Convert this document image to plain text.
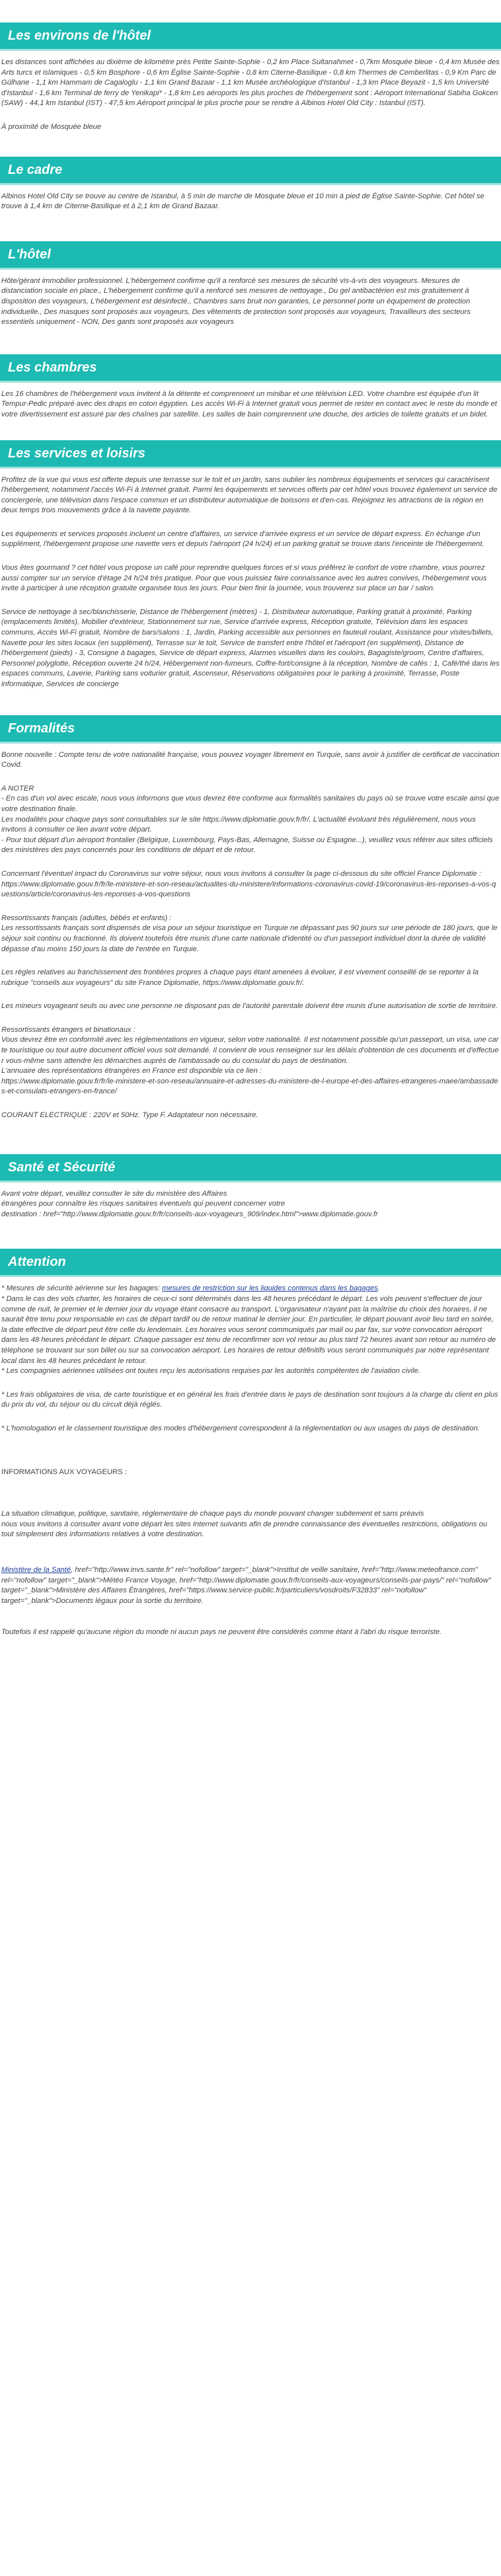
Les environs de l'hôtel

Les distances sont affichées au dixième de kilomètre près Petite Sainte-Sophie - 0,2 km Place Sultanahmet - 0,7km Mosquée bleue - 0,4 km Musée des Arts turcs et islamiques - 0,5 km Bosphore - 0,6 km Église Sainte-Sophie - 0,8 km Citerne-Basilique - 0,8 km Thermes de Cemberlitas - 0,9 Km Parc de Gülhane - 1,1 km Hammam de Cagaloglu - 1,1 km Grand Bazaar - 1,1 km Musée archéologique d'Istanbul - 1,3 km Place Beyazit - 1,5 km Université d'Istanbul - 1,6 km Terminal de ferry de Yenikapi* - 1,8 km Les aéroports les plus proches de l'hébergement sont : Aéroport International Sabiha Gokcen (SAW) - 44,1 km Istanbul (IST) - 47,5 km Aéroport principal le plus proche pour se rendre à Albinos Hotel Old City : Istanbul (IST).

À proximité de Mosquée bleue

Le cadre

Albinos Hotel Old City se trouve au centre de Istanbul, à 5 min de marche de Mosquée bleue et 10 min à pied de Église Sainte-Sophie. Cet hôtel se trouve à 1,4 km de Citerne-Basilique et à 2,1 km de Grand Bazaar.

L'hôtel

Hôte/gérant immobilier professionnel. L'hébergement confirme qu'il a renforcé ses mesures de sécurité vis-à-vis des voyageurs. Mesures de distanciation sociale en place., L'hébergement confirme qu'il a renforcé ses mesures de nettoyage., Du gel antibactérien est mis gratuitement à disposition des voyageurs, L'hébergement est désinfecté., Chambres sans bruit non garanties, Le personnel porte un équipement de protection individuelle., Des masques sont proposés aux voyageurs, Des vêtements de protection sont proposés aux voyageurs, Travailleurs des secteurs essentiels uniquement - NON, Des gants sont proposés aux voyageurs

Les chambres

Les 16 chambres de l'hébergement vous invitent à la détente et comprennent un minibar et une télévision LED. Votre chambre est équipée d'un lit Tempur-Pedic préparé avec des draps en coton égyptien. Les accès Wi-Fi à Internet gratuit vous permet de rester en contact avec le reste du monde et votre divertissement est assuré par des chaînes par satellite. Les salles de bain comprennent une douche, des articles de toilette gratuits et un bidet.

Les services et loisirs

Profitez de la vue qui vous est offerte depuis une terrasse sur le toit et un jardin, sans oublier les nombreux équipements et services qui caractérisent l'hébergement, notamment l'accès Wi-Fi à Internet gratuit. Parmi les équipements et services offerts par cet hôtel vous trouvez également un service de conciergerie, une télévision dans l'espace commun et un distributeur automatique de boissons et d'en-cas. Rejoignez les attractions de la région en deux temps trois mouvements grâce à la navette payante.

Les équipements et services proposés incluent un centre d'affaires, un service d'arrivée express et un service de départ express. En échange d'un supplément, l'hébergement propose une navette vers et depuis l'aéroport (24 h/24) et un parking gratuit se trouve dans l'enceinte de l'hébergement.

Vous êtes gourmand ? cet hôtel vous propose un café pour reprendre quelques forces et si vous préférez le confort de votre chambre, vous pourrez aussi compter sur un service d'étage 24 h/24 très pratique. Pour que vous puissiez faire connaissance avec les autres convives, l'hébergement vous invite à participer à une réception gratuite organisée tous les jours. Pour bien finir la journée, vous trouverez sur place un bar / salon.

Service de nettoyage à sec/blanchisserie, Distance de l'hébergement (mètres) - 1, Distributeur automatique, Parking gratuit à proximité, Parking (emplacements limités), Mobilier d'extérieur, Stationnement sur rue, Service d'arrivée express, Réception gratuite, Télévision dans les espaces communs, Accès Wi-Fi gratuit, Nombre de bars/salons : 1, Jardin, Parking accessible aux personnes en fauteuil roulant, Assistance pour visites/billets, Navette pour les sites locaux (en supplément), Terrasse sur le toit, Service de transfert entre l'hôtel et l'aéroport (en supplément), Distance de l'hébergement (pieds) - 3, Consigne à bagages, Service de départ express, Alarmes visuelles dans les couloirs, Bagagiste/groom, Centre d'affaires, Personnel polyglotte, Réception ouverte 24 h/24, Hébergement non-fumeurs, Coffre-fort/consigne à la réception, Nombre de cafés : 1, Café/thé dans les espaces communs, Laverie, Parking sans voiturier gratuit, Ascenseur, Réservations obligatoires pour le parking à proximité, Terrasse, Poste informatique, Services de concierge

Formalités

Bonne nouvelle : Compte tenu de votre nationalité française, vous pouvez voyager librement en Turquie, sans avoir à justifier de certificat de vaccination Covid.

A NOTER
- En cas d'un vol avec escale, nous vous informons que vous devrez être conforme aux formalités sanitaires du pays où se trouve votre escale ainsi que votre destination finale.
Les modalités pour chaque pays sont consultables sur le site https://www.diplomatie.gouv.fr/fr/. L'actualité évoluant très régulièrement, nous vous invitons à consulter ce lien avant votre départ.
- Pour tout départ d'un aéroport frontalier (Belgique, Luxembourg, Pays-Bas, Allemagne, Suisse ou Espagne...), veuillez vous référer aux sites officiels des ministères des pays concernés pour les conditions de départ et de retour.

Concernant l'éventuel impact du Coronavirus sur votre séjour, nous vous invitons à consulter la page ci-dessous du site officiel France Diplomatie :
https://www.diplomatie.gouv.fr/fr/le-ministere-et-son-reseau/actualites-du-ministere/informations-coronavirus-covid-19/coronavirus-les-reponses-a-vos-questions/article/coronavirus-les-reponses-a-vos-questions

Ressortissants français (adultes, bébés et enfants) :
Les ressortissants français sont dispensés de visa pour un séjour touristique en Turquie ne dépassant pas 90 jours sur une période de 180 jours, que le séjour soit continu ou fractionné. Ils doivent toutefois être munis d'une carte nationale d'identité ou d'un passeport individuel dont la durée de validité dépasse d'au moins 150 jours la date de l'entrée en Turquie.

Les règles relatives au franchissement des frontières propres à chaque pays étant amenées à évoluer, il est vivement conseillé de se reporter à la rubrique "conseils aux voyageurs" du site France Diplomatie, https://www.diplomatie.gouv.fr/.

Les mineurs voyageant seuls ou avec une personne ne disposant pas de l'autorité parentale doivent être munis d'une autorisation de sortie de territoire.

Ressortissants étrangers et binationaux :
Vous devrez être en conformité avec les réglementations en vigueur, selon votre nationalité. Il est notamment possible qu'un passeport, un visa, une carte touristique ou tout autre document officiel vous soit demandé. Il convient de vous renseigner sur les délais d'obtention de ces documents et d'effectuer vous-même sans attendre les démarches auprès de l'ambassade ou du consulat du pays de destination.
L'annuaire des représentations étrangères en France est disponible via ce lien :
https://www.diplomatie.gouv.fr/fr/le-ministere-et-son-reseau/annuaire-et-adresses-du-ministere-de-l-europe-et-des-affaires-etrangeres-maee/ambassades-et-consulats-etrangers-en-france/

COURANT ELECTRIQUE : 220V et 50Hz. Type F. Adaptateur non nécessaire.

Santé et Sécurité

Avant votre départ, veuillez consulter le site du ministère des Affaires
étrangères pour connaître les risques sanitaires éventuels qui peuvent concerner votre
destination : href="http://www.diplomatie.gouv.fr/fr/conseils-aux-voyageurs_909/index.html">www.diplomatie.gouv.fr

Attention

* Mesures de sécurité aérienne sur les bagages: mesures de restriction sur les liquides contenus dans les bagages.
* Dans le cas des vols charter, les horaires de ceux-ci sont déterminés dans les 48 heures précédant le départ. Les vols peuvent s'effectuer de jour comme de nuit, le premier et le dernier jour du voyage étant consacré au transport. L'organisateur n'ayant pas la maîtrise du choix des horaires, il ne saurait être tenu pour responsable en cas de départ tardif ou de retour matinal le dernier jour. En particulier, le départ pouvant avoir lieu tard en soirée, la date effective de départ peut être celle du lendemain. Les horaires vous seront communiqués par mail ou par fax, sur votre convocation aéroport dans les 48 heures précédant le départ. Chaque passager est tenu de reconfirmer son vol retour au plus tard 72 heures avant son retour au numéro de téléphone se trouvant sur son billet ou sur sa convocation aéroport. Les horaires de retour définitifs vous seront communiqués par notre représentant local dans les 48 heures précédant le retour.
* Les compagnies aériennes utilisées ont toutes reçu les autorisations requises par les autorités compétentes de l'aviation civile.

* Les frais obligatoires de visa, de carte touristique et en général les frais d'entrée dans le pays de destination sont toujours à la charge du client en plus du prix du vol, du séjour ou du circuit déjà réglés.

* L'homologation et le classement touristique des modes d'hébergement correspondent à la réglementation ou aux usages du pays de destination.

INFORMATIONS AUX VOYAGEURS :

La situation climatique, politique, sanitaire, réglementaire de chaque pays du monde pouvant changer subitement et sans préavis
nous vous invitons à consulter avant votre départ les sites Internet suivants afin de prendre connaissance des éventuelles restrictions, obligations ou tout simplement des informations relatives à votre destination.

Ministère de la Santé, href="http://www.invs.sante.fr" rel="nofollow" target="_blank">Institut de veille sanitaire, href="http://www.meteofrance.com" rel="nofollow" target="_blank">Météo France Voyage, href="http://www.diplomatie.gouv.fr/fr/conseils-aux-voyageurs/conseils-par-pays/" rel="nofollow" target="_blank">Ministère des Affaires Étrangères, href="https://www.service-public.fr/particuliers/vosdroits/F32833" rel="nofollow" target="_blank">Documents légaux pour la sortie du territoire.

Toutefois il est rappelé qu'aucune région du monde ni aucun pays ne peuvent être considérés comme étant à l'abri du risque terroriste.
